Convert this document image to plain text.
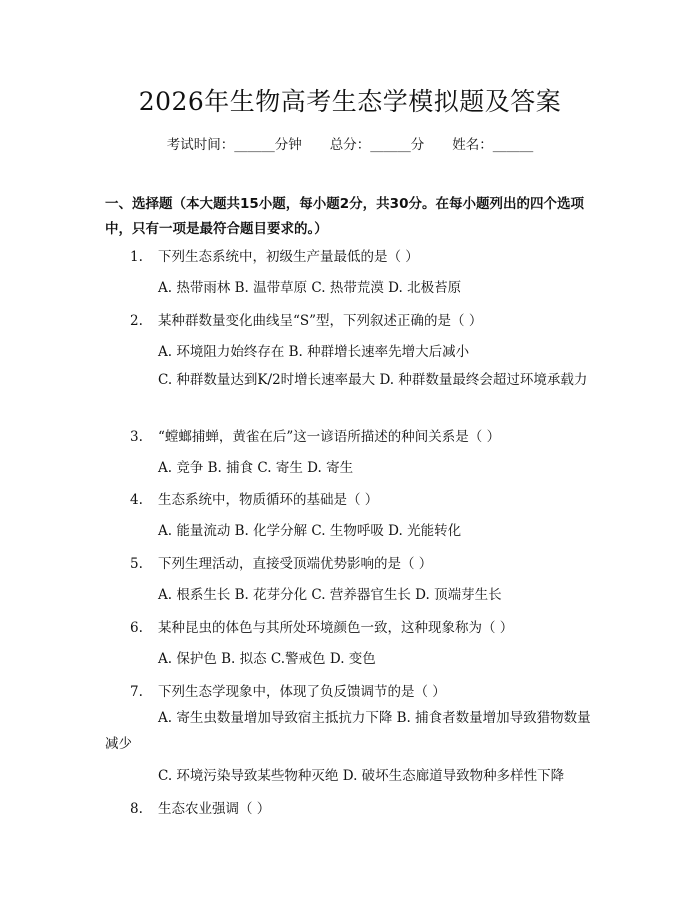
2026年生物高考生态学模拟题及答案
考试时间：______分钟 总分：______分 姓名：______
一、选择题（本大题共15小题，每小题2分，共30分。在每小题列出的四个选项中，只有一项是最符合题目要求的。）
1. 下列生态系统中，初级生产量最低的是（ ）
A. 热带雨林 B. 温带草原 C. 热带荒漠 D. 北极苔原
2. 某种群数量变化曲线呈“S”型，下列叙述正确的是（ ）
A. 环境阻力始终存在 B. 种群增长速率先增大后减小
C. 种群数量达到K/2时增长速率最大 D. 种群数量最终会超过环境承载力
3. “螳螂捕蝉，黄雀在后”这一谚语所描述的种间关系是（ ）
A. 竞争 B. 捕食 C. 寄生 D. 寄生
4. 生态系统中，物质循环的基础是（ ）
A. 能量流动 B. 化学分解 C. 生物呼吸 D. 光能转化
5. 下列生理活动，直接受顶端优势影响的是（ ）
A. 根系生长 B. 花芽分化 C. 营养器官生长 D. 顶端芽生长
6. 某种昆虫的体色与其所处环境颜色一致，这种现象称为（ ）
A. 保护色 B. 拟态 C.警戒色 D. 变色
7. 下列生态学现象中，体现了负反馈调节的是（ ）
A. 寄生虫数量增加导致宿主抵抗力下降 B. 捕食者数量增加导致猎物数量减少
C. 环境污染导致某些物种灭绝 D. 破坏生态廊道导致物种多样性下降
8. 生态农业强调（ ）
